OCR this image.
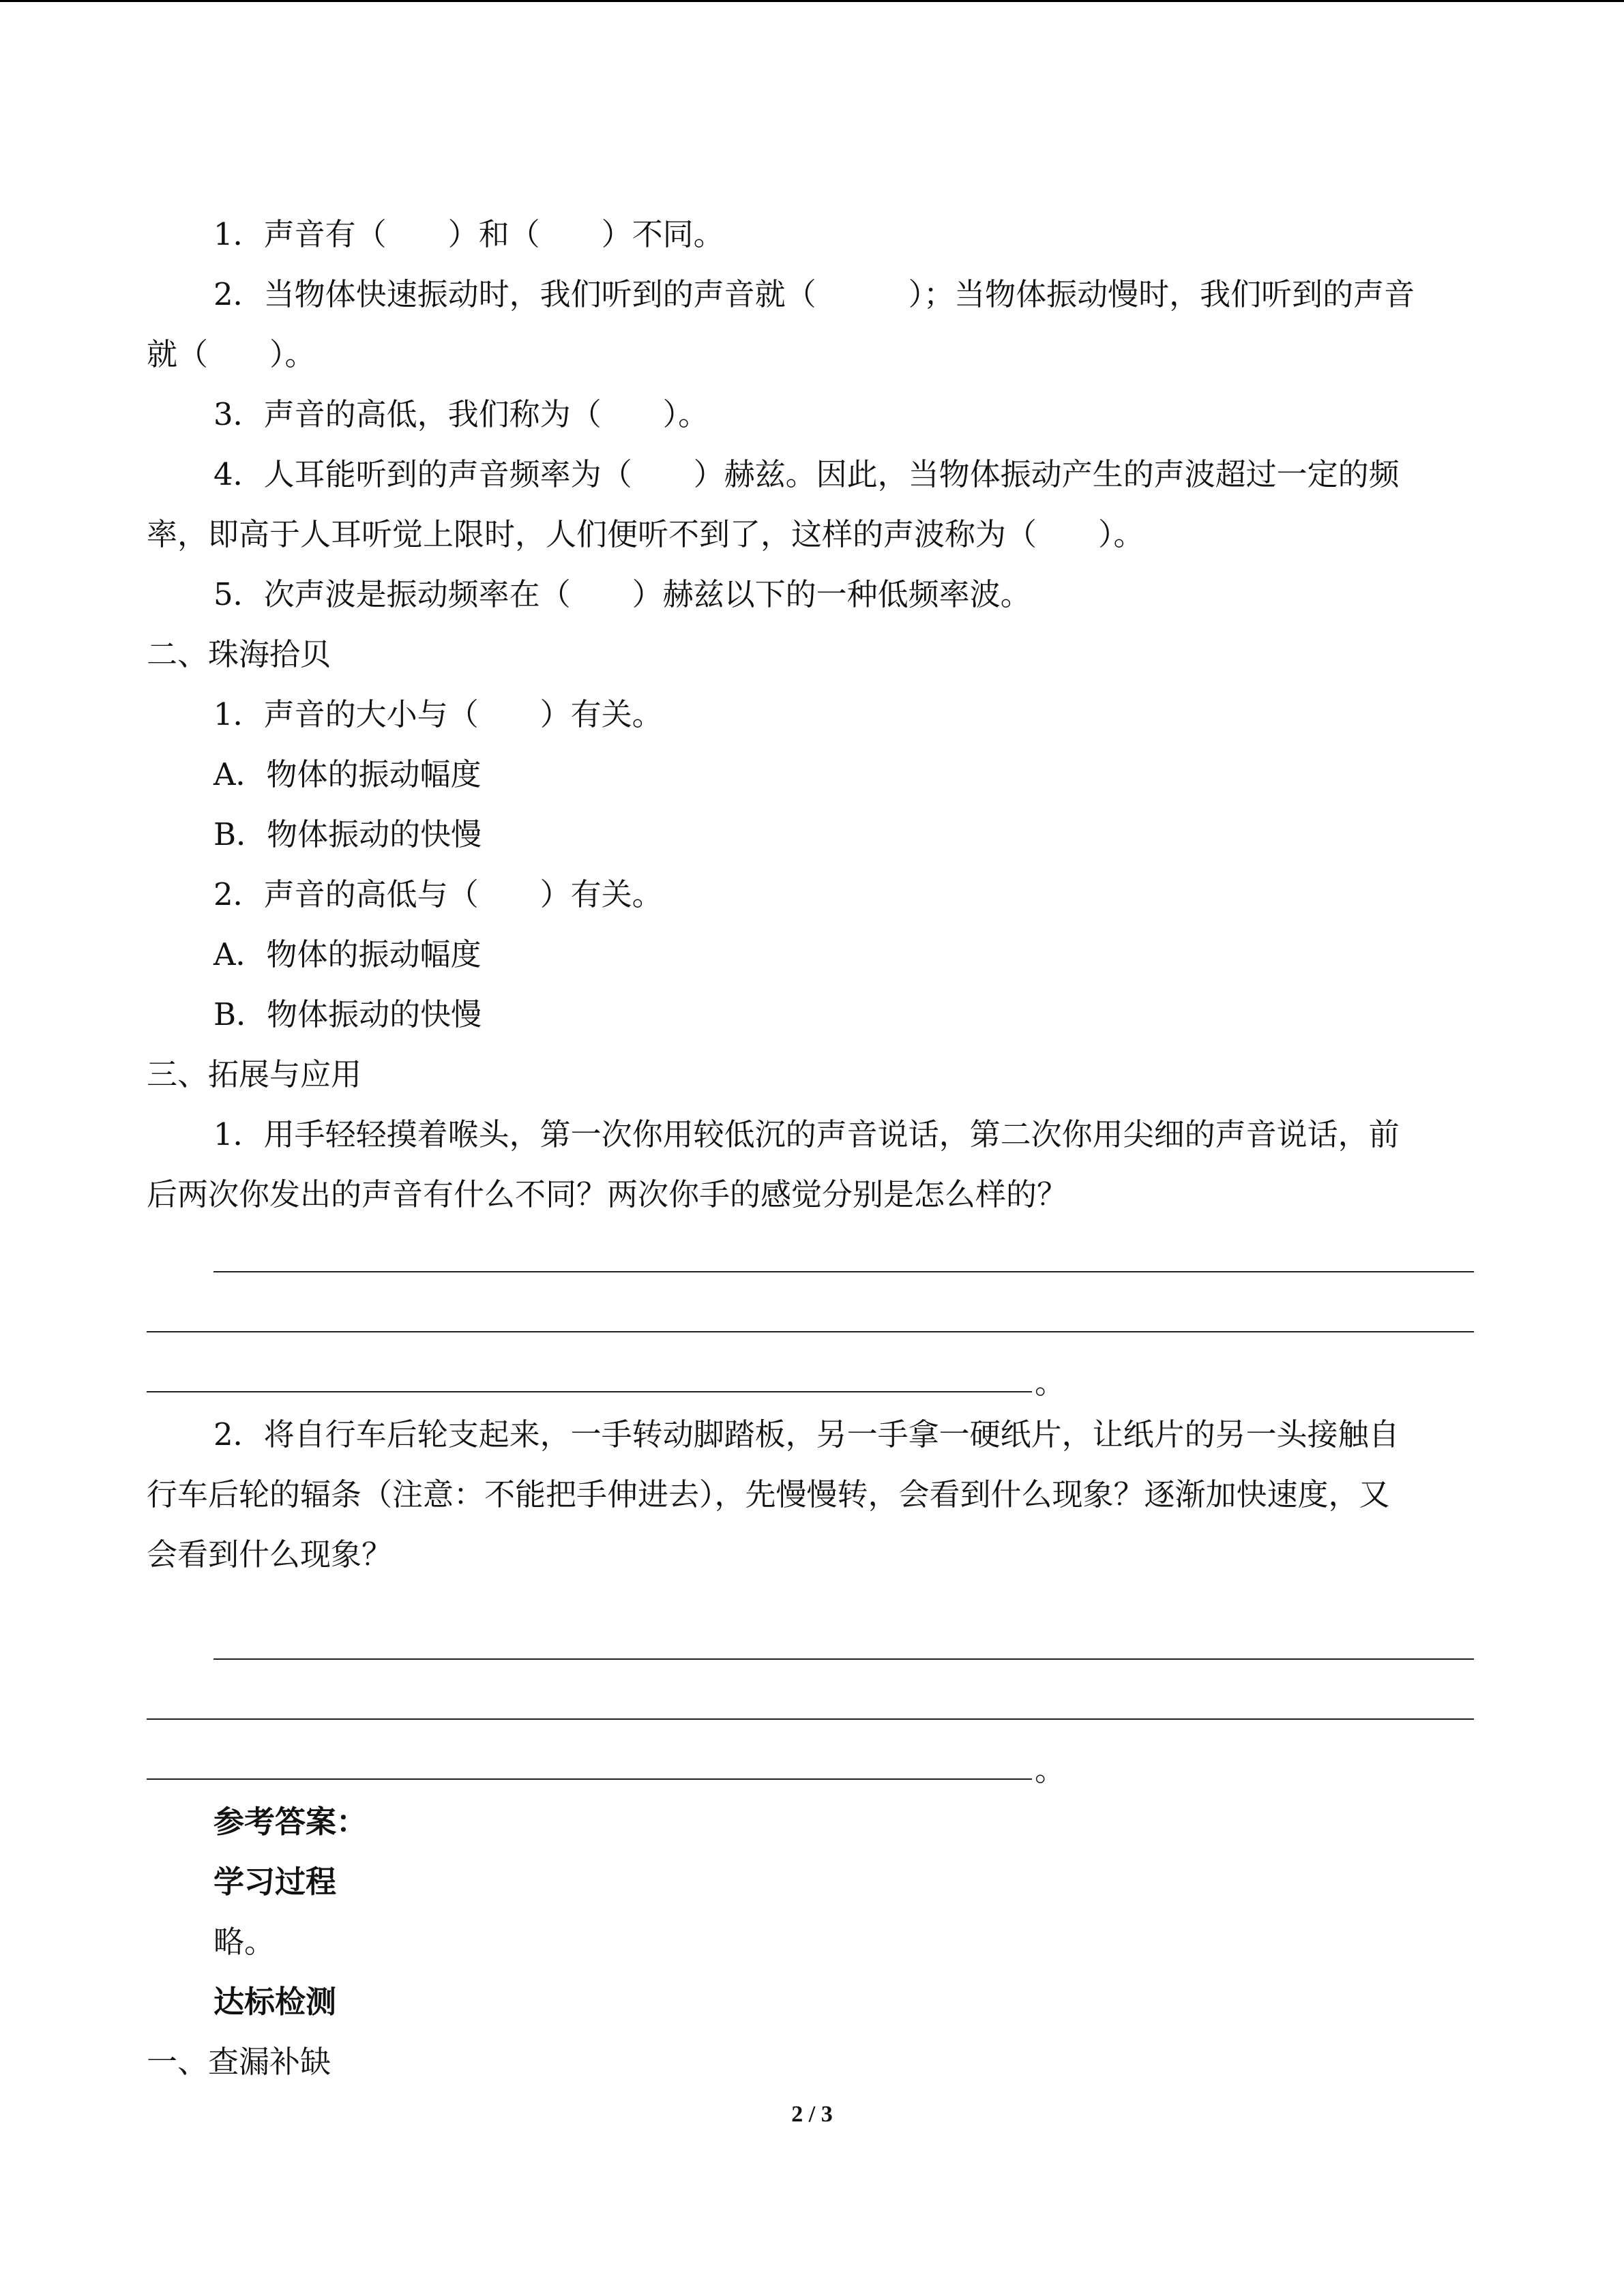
1．声音有（　　）和（　　）不同。
2．当物体快速振动时，我们听到的声音就（　　　）；当物体振动慢时，我们听到的声音
就（　　）。
3．声音的高低，我们称为（　　）。
4．人耳能听到的声音频率为（　　）赫兹。因此，当物体振动产生的声波超过一定的频
率，即高于人耳听觉上限时，人们便听不到了，这样的声波称为（　　）。
5．次声波是振动频率在（　　）赫兹以下的一种低频率波。
二、珠海拾贝
1．声音的大小与（　　）有关。
A．物体的振动幅度
B．物体振动的快慢
2．声音的高低与（　　）有关。
A．物体的振动幅度
B．物体振动的快慢
三、拓展与应用
1．用手轻轻摸着喉头，第一次你用较低沉的声音说话，第二次你用尖细的声音说话，前
后两次你发出的声音有什么不同？两次你手的感觉分别是怎么样的？
。
2．将自行车后轮支起来，一手转动脚踏板，另一手拿一硬纸片，让纸片的另一头接触自
行车后轮的辐条（注意：不能把手伸进去），先慢慢转，会看到什么现象？逐渐加快速度，又
会看到什么现象？
。
参考答案：
学习过程
略。
达标检测
一、查漏补缺
2 / 3
